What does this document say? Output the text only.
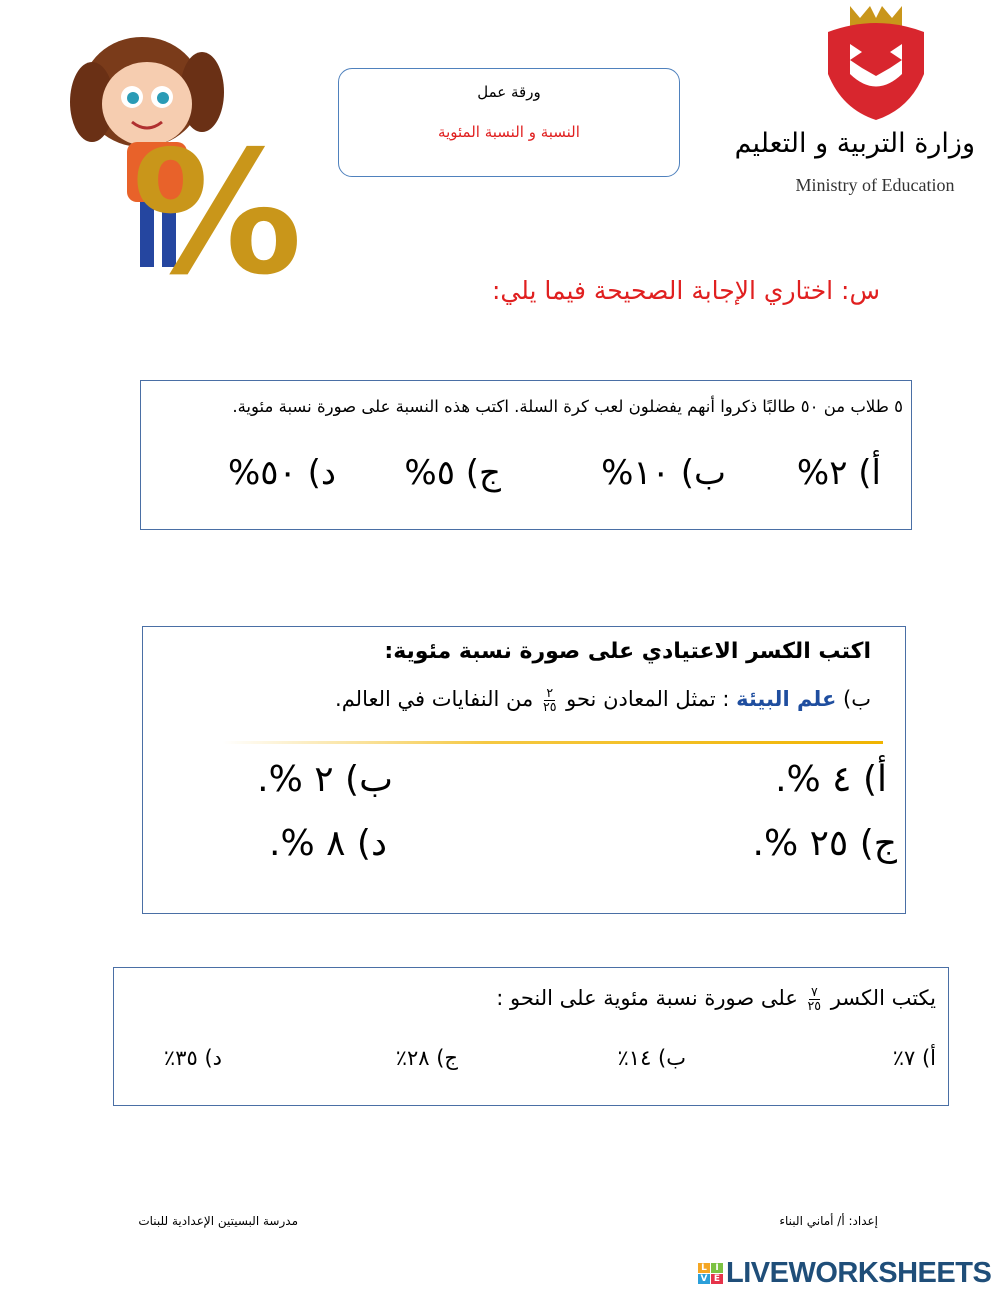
%
ورقة عمل
النسبة و النسبة المئوية	وزارة التربية و التعليم
Ministry of Education
س: اختاري الإجابة الصحيحة فيما يلي:
٥ طلاب من ٥٠ طالبًا ذكروا أنهم يفضلون لعب كرة السلة. اكتب هذه النسبة على صورة نسبة مئوية.
أ) ٢%
ب) ١٠%
ج) ٥%
د) ٥٠%
اكتب الكسر الاعتيادي على صورة نسبة مئوية:
ب) علم البيئة : تمثل المعادن نحو
$\frac{٢}{٢٥}$
من النفايات في العالم.
أ) ٤ %.
ب) ٢ %.
ج) ٢٥ %.
د) ٨ %.
يكتب الكسر
$\frac{٧}{٢٥}$
على صورة نسبة مئوية على النحو :
أ) ٧٪
ب) ١٤٪
ج) ٢٨٪
د) ٣٥٪
إعداد: أ/ أماني البناء
مدرسة البسيتين الإعدادية للبنات
L I
V E LIVEWORKSHEETS
